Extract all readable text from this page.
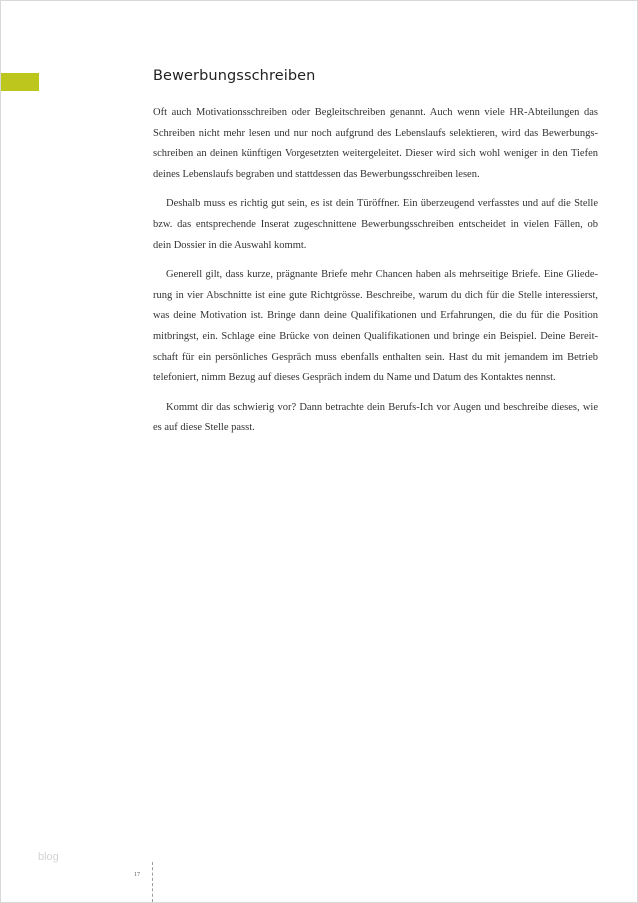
Bewerbungsschreiben

Oft auch Motivationsschreiben oder Begleitschreiben genannt. Auch wenn viele HR-Abteilungen das
Schreiben nicht mehr lesen und nur noch aufgrund des Lebenslaufs selektieren, wird das Bewerbungs-
schreiben an deinen künftigen Vorgesetzten weitergeleitet. Dieser wird sich wohl weniger in den Tiefen
deines Lebenslaufs begraben und stattdessen das Bewerbungsschreiben lesen.

Deshalb muss es richtig gut sein, es ist dein Türöffner. Ein überzeugend verfasstes und auf die Stelle
bzw. das entsprechende Inserat zugeschnittene Bewerbungsschreiben entscheidet in vielen Fällen, ob
dein Dossier in die Auswahl kommt.

Generell gilt, dass kurze, prägnante Briefe mehr Chancen haben als mehrseitige Briefe. Eine Gliede-
rung in vier Abschnitte ist eine gute Richtgrösse. Beschreibe, warum du dich für die Stelle interessierst,
was deine Motivation ist. Bringe dann deine Qualifikationen und Erfahrungen, die du für die Position
mitbringst, ein. Schlage eine Brücke von deinen Qualifikationen und bringe ein Beispiel. Deine Bereit-
schaft für ein persönliches Gespräch muss ebenfalls enthalten sein. Hast du mit jemandem im Betrieb
telefoniert, nimm Bezug auf dieses Gespräch indem du Name und Datum des Kontaktes nennst.

Kommt dir das schwierig vor? Dann betrachte dein Berufs-Ich vor Augen und beschreibe dieses, wie
es auf diese Stelle passt.

blog
17
